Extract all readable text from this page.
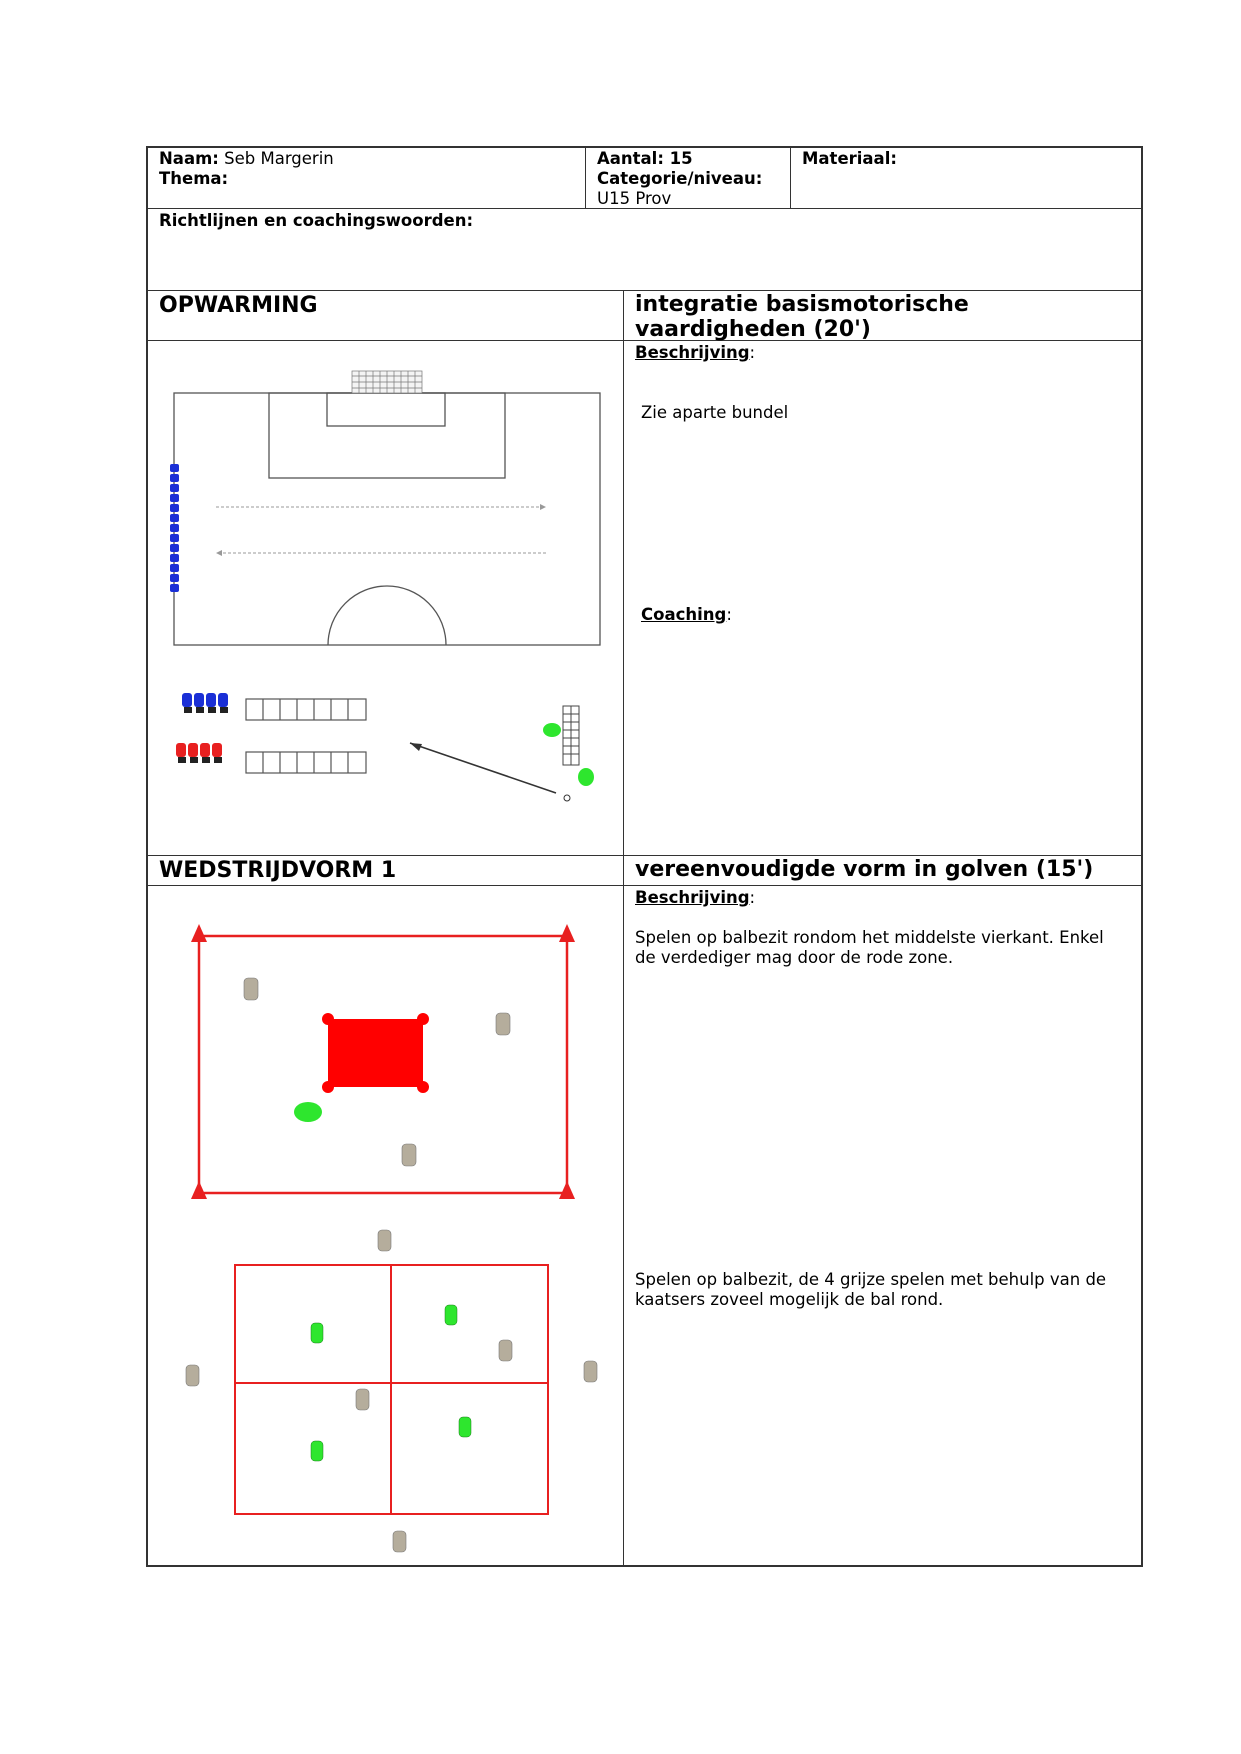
Naam: Seb Margerin
Thema:
Aantal: 15
Categorie/niveau:
U15 Prov
Materiaal:
Richtlijnen en coachingswoorden:
OPWARMING	integratie basismotorische vaardigheden (20')
Beschrijving:
Zie aparte bundel
Coaching:
WEDSTRIJDVORM 1	vereenvoudigde vorm in golven (15')
Beschrijving:
Spelen op balbezit rondom het middelste vierkant. Enkel de verdediger mag door de rode zone.
Spelen op balbezit, de 4 grijze spelen met behulp van de kaatsers zoveel mogelijk de bal rond.
